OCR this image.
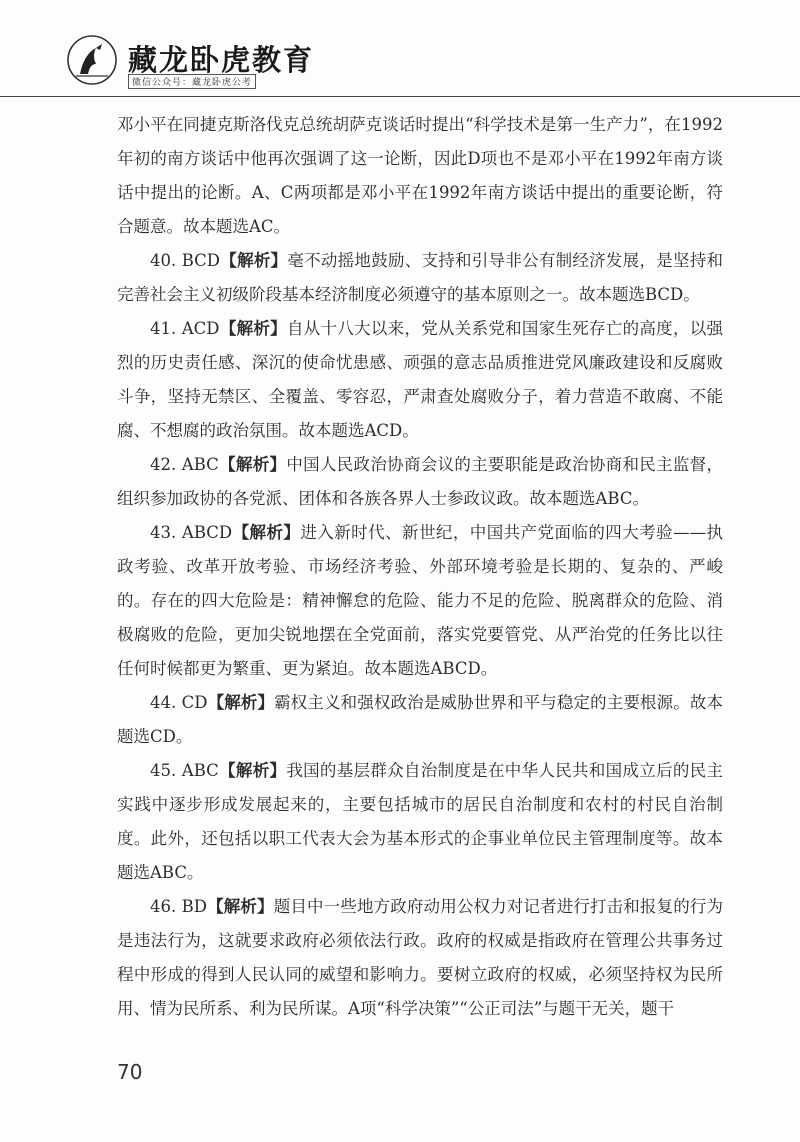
藏龙卧虎教育
微信公众号：藏龙卧虎公考

邓小平在同捷克斯洛伐克总统胡萨克谈话时提出“科学技术是第一生产力”，在1992年初的南方谈话中他再次强调了这一论断，因此D项也不是邓小平在1992年南方谈话中提出的论断。A、C两项都是邓小平在1992年南方谈话中提出的重要论断，符合题意。故本题选AC。

40. BCD【解析】毫不动摇地鼓励、支持和引导非公有制经济发展，是坚持和完善社会主义初级阶段基本经济制度必须遵守的基本原则之一。故本题选BCD。

41. ACD【解析】自从十八大以来，党从关系党和国家生死存亡的高度，以强烈的历史责任感、深沉的使命忧患感、顽强的意志品质推进党风廉政建设和反腐败斗争，坚持无禁区、全覆盖、零容忍，严肃查处腐败分子，着力营造不敢腐、不能腐、不想腐的政治氛围。故本题选ACD。

42. ABC【解析】中国人民政治协商会议的主要职能是政治协商和民主监督，组织参加政协的各党派、团体和各族各界人士参政议政。故本题选ABC。

43. ABCD【解析】进入新时代、新世纪，中国共产党面临的四大考验——执政考验、改革开放考验、市场经济考验、外部环境考验是长期的、复杂的、严峻的。存在的四大危险是：精神懈怠的危险、能力不足的危险、脱离群众的危险、消极腐败的危险，更加尖锐地摆在全党面前，落实党要管党、从严治党的任务比以往任何时候都更为繁重、更为紧迫。故本题选ABCD。

44. CD【解析】霸权主义和强权政治是威胁世界和平与稳定的主要根源。故本题选CD。

45. ABC【解析】我国的基层群众自治制度是在中华人民共和国成立后的民主实践中逐步形成发展起来的，主要包括城市的居民自治制度和农村的村民自治制度。此外，还包括以职工代表大会为基本形式的企事业单位民主管理制度等。故本题选ABC。

46. BD【解析】题目中一些地方政府动用公权力对记者进行打击和报复的行为是违法行为，这就要求政府必须依法行政。政府的权威是指政府在管理公共事务过程中形成的得到人民认同的威望和影响力。要树立政府的权威，必须坚持权为民所用、情为民所系、利为民所谋。A项“科学决策”“公正司法”与题干无关，题干

70
